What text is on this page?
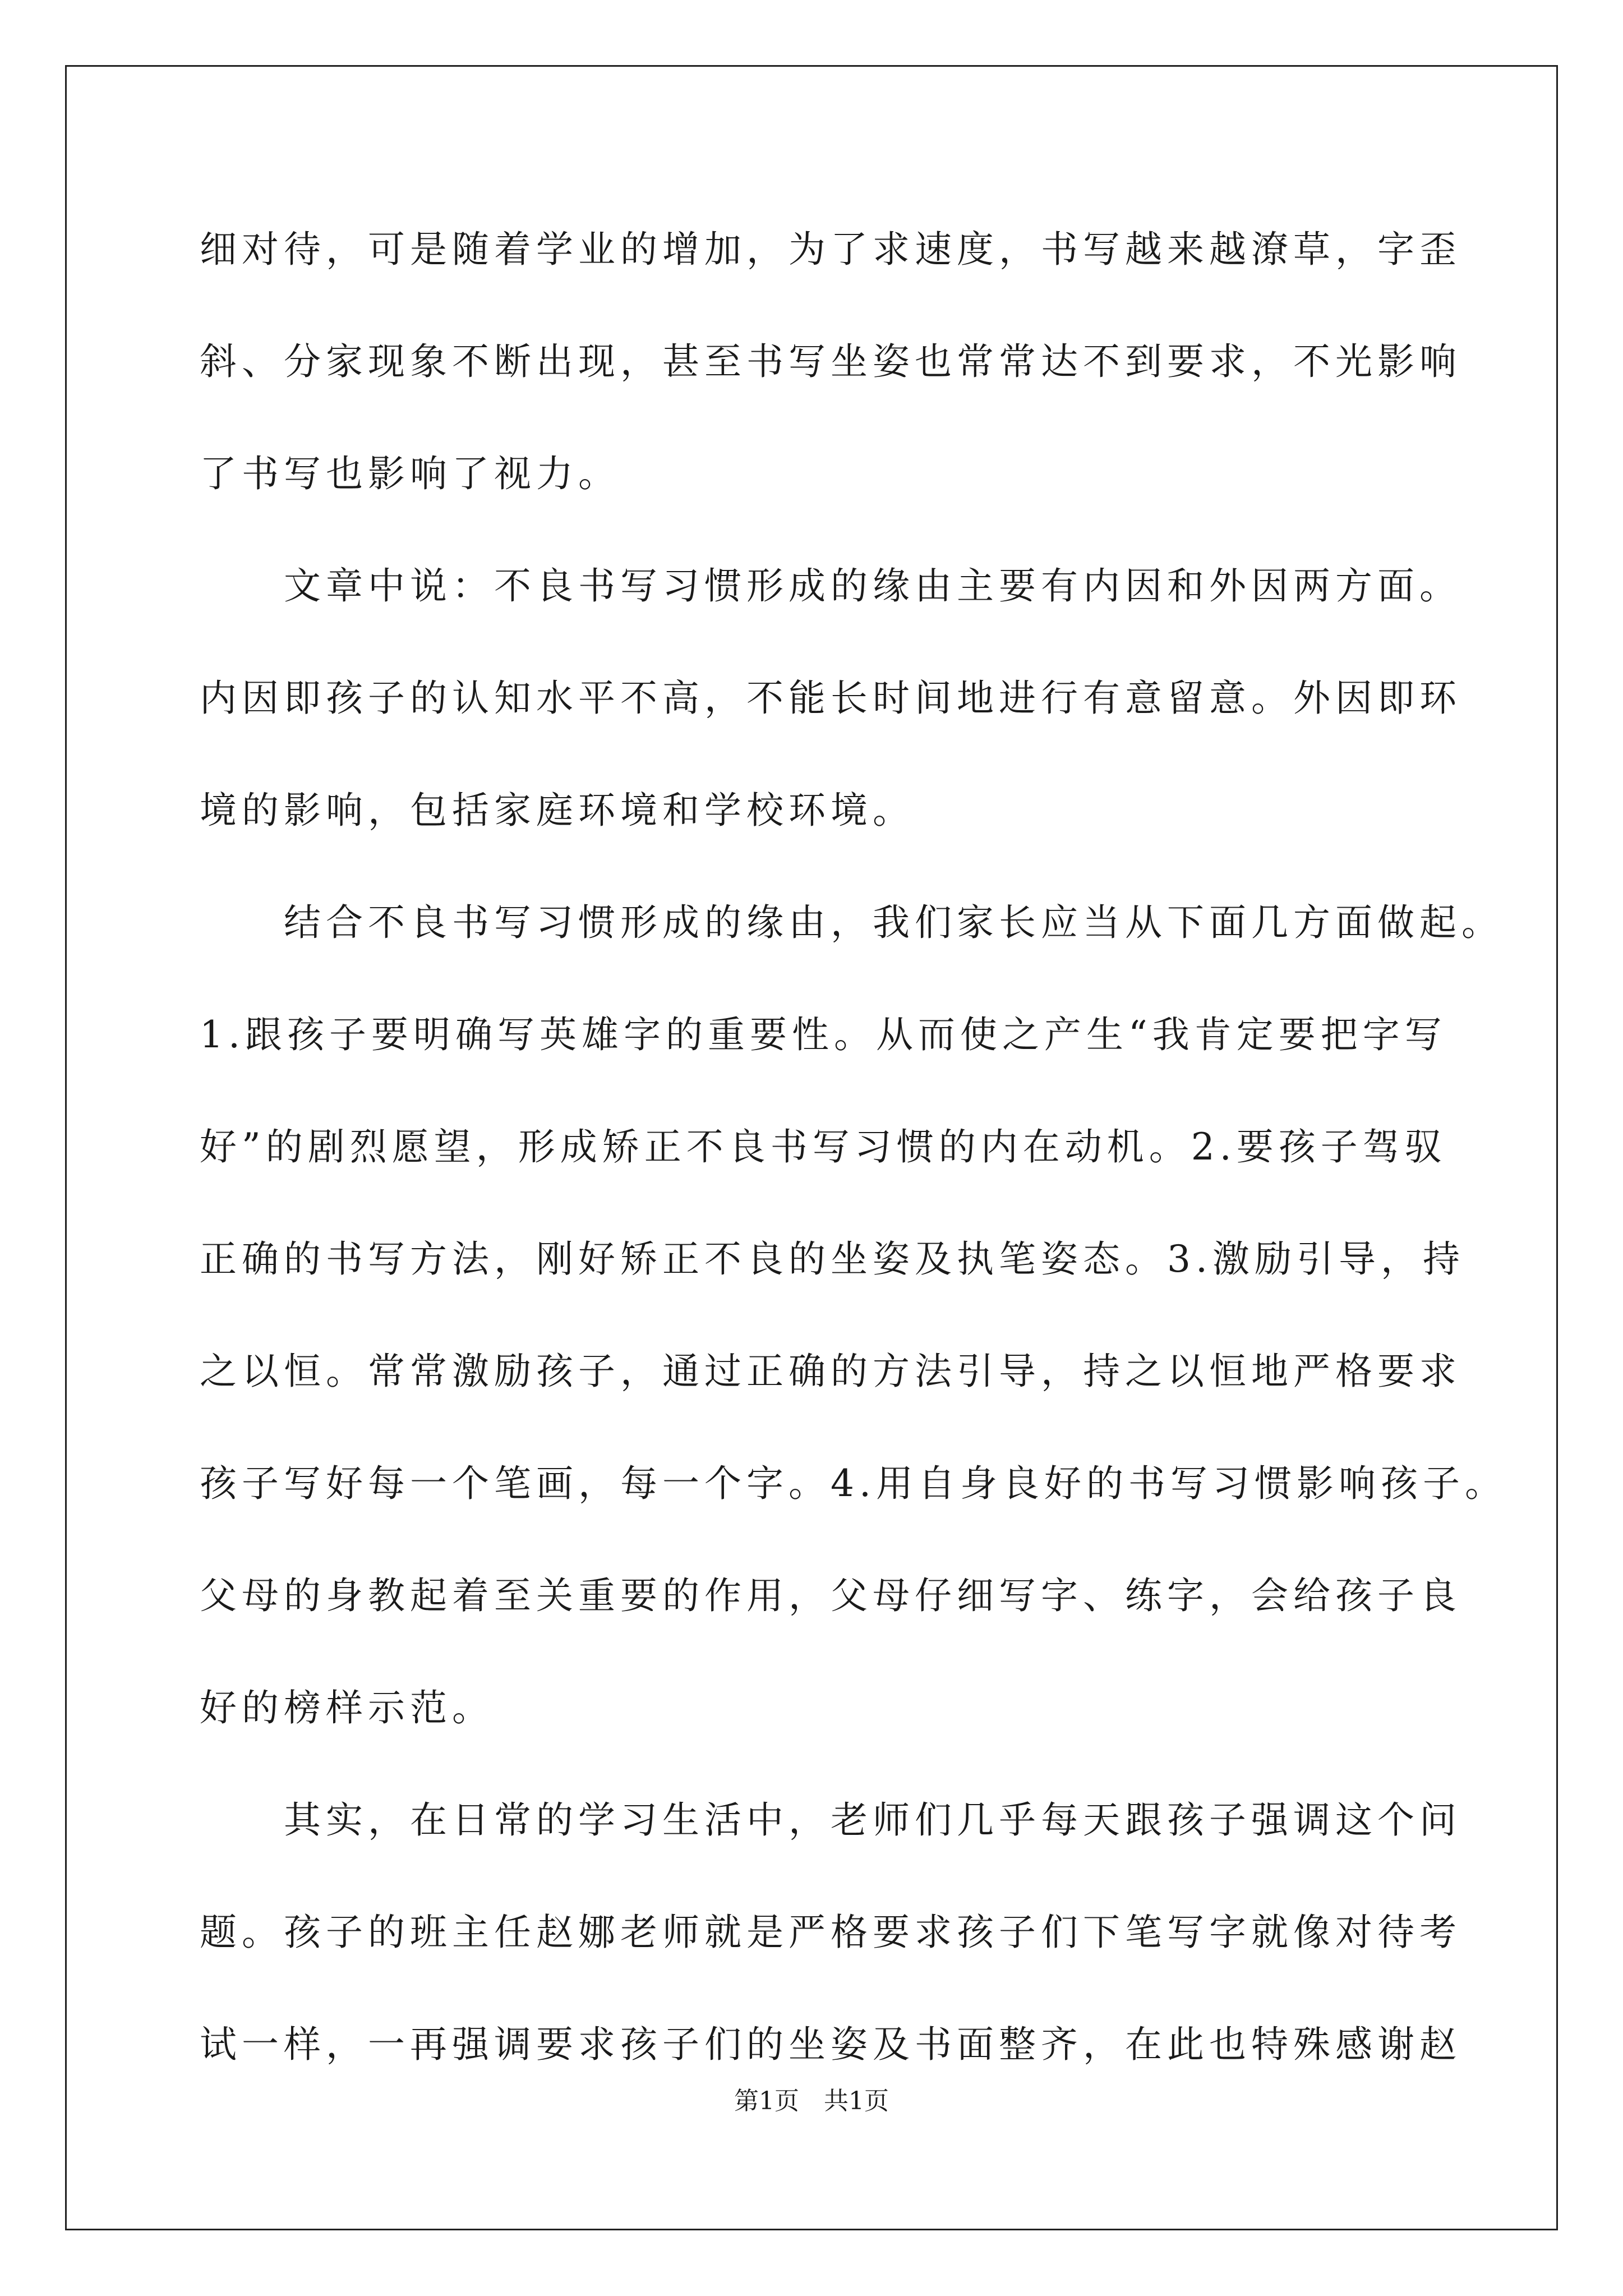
细对待，可是随着学业的增加，为了求速度，书写越来越潦草，字歪
斜、分家现象不断出现，甚至书写坐姿也常常达不到要求，不光影响
了书写也影响了视力。
　　文章中说：不良书写习惯形成的缘由主要有内因和外因两方面。
内因即孩子的认知水平不高，不能长时间地进行有意留意。外因即环
境的影响，包括家庭环境和学校环境。
　　结合不良书写习惯形成的缘由，我们家长应当从下面几方面做起。
1.跟孩子要明确写英雄字的重要性。从而使之产生“我肯定要把字写
好”的剧烈愿望，形成矫正不良书写习惯的内在动机。2.要孩子驾驭
正确的书写方法，刚好矫正不良的坐姿及执笔姿态。3.激励引导，持
之以恒。常常激励孩子，通过正确的方法引导，持之以恒地严格要求
孩子写好每一个笔画，每一个字。4.用自身良好的书写习惯影响孩子。
父母的身教起着至关重要的作用，父母仔细写字、练字，会给孩子良
好的榜样示范。
　　其实，在日常的学习生活中，老师们几乎每天跟孩子强调这个问
题。孩子的班主任赵娜老师就是严格要求孩子们下笔写字就像对待考
试一样，一再强调要求孩子们的坐姿及书面整齐，在此也特殊感谢赵
第1页　共1页
